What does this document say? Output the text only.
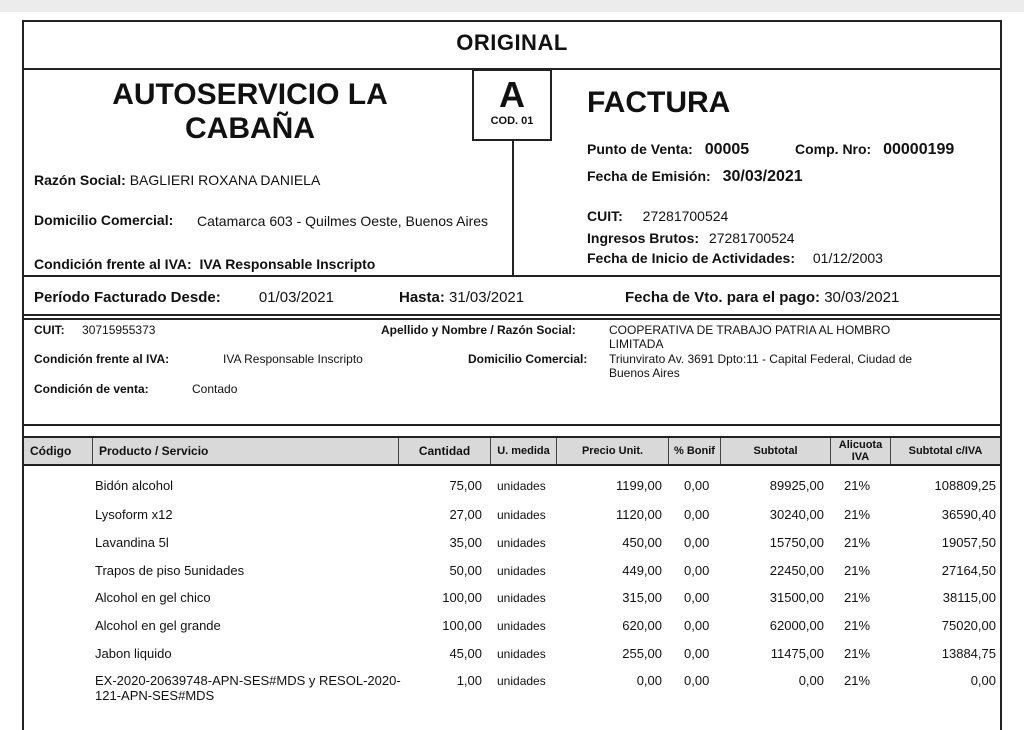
ORIGINAL
AUTOSERVICIO LA CABAÑA
A
COD. 01
FACTURA
Razón Social: BAGLIERI ROXANA DANIELA
Domicilio Comercial: Catamarca 603 - Quilmes Oeste, Buenos Aires
Condición frente al IVA: IVA Responsable Inscripto
Punto de Venta: 00005	Comp. Nro: 00000199
Fecha de Emisión: 30/03/2021
CUIT: 27281700524
Ingresos Brutos: 27281700524
Fecha de Inicio de Actividades: 01/12/2003
Período Facturado Desde:	01/03/2021	Hasta: 31/03/2021	Fecha de Vto. para el pago: 30/03/2021
CUIT: 30715955373
Condición frente al IVA:	IVA Responsable Inscripto
Condición de venta:	Contado
Apellido y Nombre / Razón Social:	COOPERATIVA DE TRABAJO PATRIA AL HOMBRO
LIMITADA
Domicilio Comercial: Triunvirato Av. 3691 Dpto:11 - Capital Federal, Ciudad de
Buenos Aires
Código	Producto / Servicio	Cantidad	U. medida	Precio Unit.	% Bonif	Subtotal	Alicuota
IVA	Subtotal c/IVA
Bidón alcohol	75,00 unidades	1199,00 0,00	89925,00 21%	108809,25
Lysoform x12	27,00 unidades	1120,00 0,00	30240,00 21%	36590,40
Lavandina 5l	35,00 unidades	450,00 0,00	15750,00 21%	19057,50
Trapos de piso 5unidades	50,00 unidades	449,00 0,00	22450,00 21%	27164,50
Alcohol en gel chico	100,00 unidades	315,00 0,00	31500,00 21%	38115,00
Alcohol en gel grande	100,00 unidades	620,00 0,00	62000,00 21%	75020,00
Jabon liquido	45,00 unidades	255,00 0,00	11475,00 21%	13884,75
EX-2020-20639748-APN-SES#MDS y RESOL-2020-121-APN-SES#MDS
1,00 unidades	0,00 0,00	0,00 21%	0,00
